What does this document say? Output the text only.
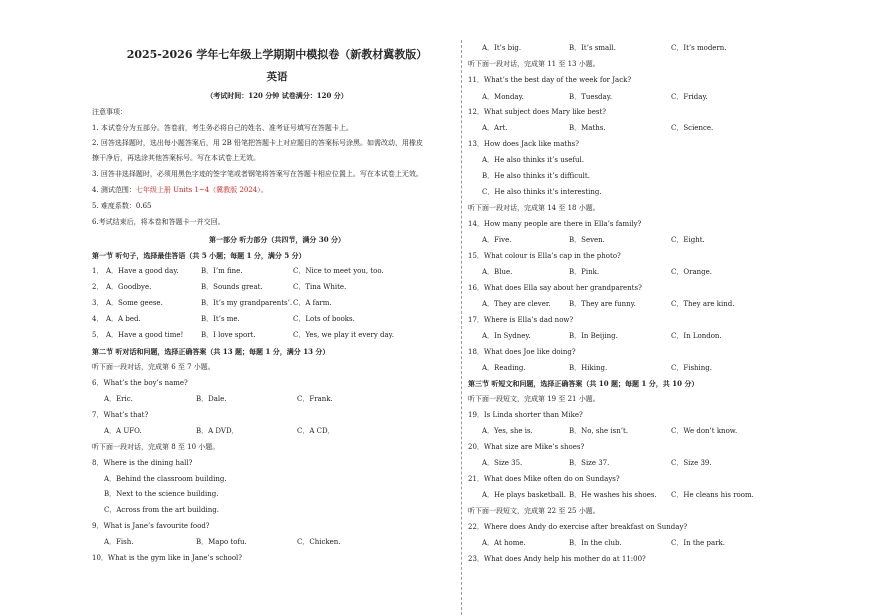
2025-2026 学年七年级上学期期中模拟卷（新教材冀教版）
英语
（考试时间：120 分钟 试卷满分：120 分）
注意事项：
1. 本试卷分为五部分。答卷前，考生务必将自己的姓名、准考证号填写在答题卡上。
2. 回答选择题时，选出每小题答案后，用 2B 铅笔把答题卡上对应题目的答案标号涂黑。如需改动，用橡皮
擦干净后，再选涂其他答案标号。写在本试卷上无效。
3. 回答非选择题时，必须用黑色字迹的签字笔或者钢笔将答案写在答题卡相应位置上。写在本试卷上无效。
4. 测试范围：七年级上册 Units 1~4（冀教版 2024）。
5. 难度系数：0.65
6.考试结束后，将本卷和答题卡一并交回。
第一部分 听力部分（共四节，满分 30 分）
第一节 听句子，选择最佳答语（共 5 小题；每题 1 分，满分 5 分）
1． A．Have a good day.	B．I’m fine.	C．Nice to meet you, too.
2． A．Goodbye.	B．Sounds great.	C．Tina White.
3． A．Some geese.	B．It’s my grandparents’. C．A farm.
4． A．A bed.	B．It’s me.	C．Lots of books.
5． A．Have a good time!	B．I love sport.	C．Yes, we play it every day.
第二节 听对话和问题，选择正确答案（共 13 题；每题 1 分，满分 13 分）
听下面一段对话，完成第 6 至 7 小题。
6．What’s the boy’s name?
A．Eric.	B．Dale.	C．Frank.
7．What’s that?
A．A UFO.	B．A DVD．	C．A CD．
听下面一段对话，完成第 8 至 10 小题。
8．Where is the dining hall?
A．Behind the classroom building.
B．Next to the science building.
C．Across from the art building.
9．What is Jane’s favourite food?
A．Fish.	B．Mapo tofu.	C．Chicken.
10．What is the gym like in Jane’s school?
A．It’s big.	B．It’s small.	C．It’s modern.
听下面一段对话，完成第 11 至 13 小题。
11．What’s the best day of the week for Jack?
A．Monday.	B．Tuesday.	C．Friday.
12．What subject does Mary like best?
A．Art.	B．Maths.	C．Science.
13．How does Jack like maths?
A．He also thinks it’s useful.
B．He also thinks it’s difficult.
C．He also thinks it’s interesting.
听下面一段对话，完成第 14 至 18 小题。
14．How many people are there in Ella’s family?
A．Five.	B．Seven.	C．Eight.
15．What colour is Ella’s cap in the photo?
A．Blue.	B．Pink.	C．Orange.
16．What does Ella say about her grandparents?
A．They are clever.	B．They are funny.	C．They are kind.
17．Where is Ella’s dad now?
A．In Sydney.	B．In Beijing.	C．In London.
18．What does Joe like doing?
A．Reading.	B．Hiking.	C．Fishing.
第三节 听短文和问题，选择正确答案（共 10 题；每题 1 分，共 10 分）
听下面一段短文，完成第 19 至 21 小题。
19．Is Linda shorter than Mike?
A．Yes, she is.	B．No, she isn’t.	C．We don’t know.
20．What size are Mike’s shoes?
A．Size 35.	B．Size 37.	C．Size 39.
21．What does Mike often do on Sundays?
A．He plays basketball. B．He washes his shoes. C．He cleans his room.
听下面一段短文，完成第 22 至 25 小题。
22．Where does Andy do exercise after breakfast on Sunday?
A．At home.	B．In the club.	C．In the park.
23．What does Andy help his mother do at 11:00?
